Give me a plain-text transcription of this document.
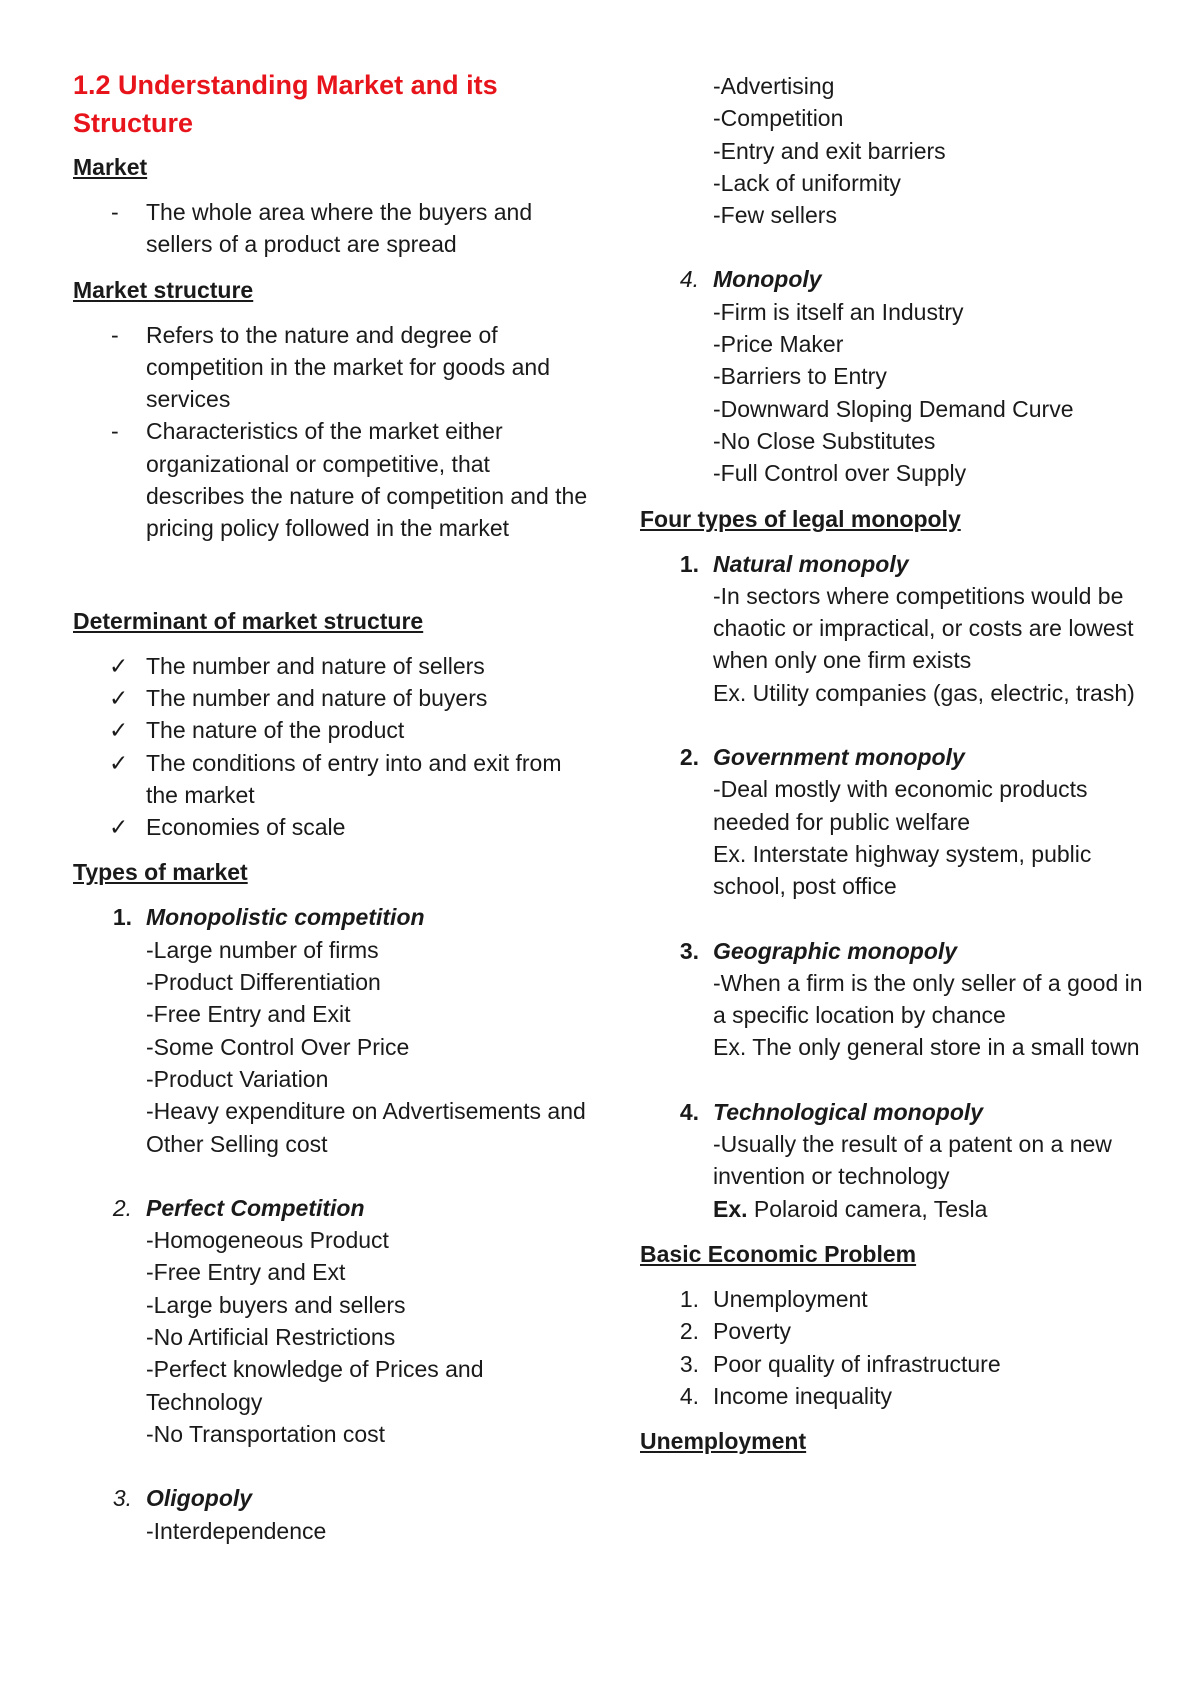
1.2 Understanding Market and its Structure
Market
-	The whole area where the buyers and sellers of a product are spread
Market structure
-	Refers to the nature and degree of competition in the market for goods and services
-	Characteristics of the market either organizational or competitive, that describes the nature of competition and the pricing policy followed in the market
Determinant of market structure
✓ The number and nature of sellers
✓ The number and nature of buyers
✓ The nature of the product
✓ The conditions of entry into and exit from the market
✓ Economies of scale
Types of market
1. Monopolistic competition
-Large number of firms
-Product Differentiation
-Free Entry and Exit
-Some Control Over Price
-Product Variation
-Heavy expenditure on Advertisements and Other Selling cost
2. Perfect Competition
-Homogeneous Product
-Free Entry and Ext
-Large buyers and sellers
-No Artificial Restrictions
-Perfect knowledge of Prices and Technology
-No Transportation cost
3. Oligopoly
-Interdependence
-Advertising
-Competition
-Entry and exit barriers
-Lack of uniformity
-Few sellers
4. Monopoly
-Firm is itself an Industry
-Price Maker
-Barriers to Entry
-Downward Sloping Demand Curve
-No Close Substitutes
-Full Control over Supply
Four types of legal monopoly
1. Natural monopoly
-In sectors where competitions would be chaotic or impractical, or costs are lowest when only one firm exists
Ex. Utility companies (gas, electric, trash)
2. Government monopoly
-Deal mostly with economic products needed for public welfare
Ex. Interstate highway system, public school, post office
3. Geographic monopoly
-When a firm is the only seller of a good in a specific location by chance
Ex. The only general store in a small town
4. Technological monopoly
-Usually the result of a patent on a new invention or technology
Ex. Polaroid camera, Tesla
Basic Economic Problem
1. Unemployment
2. Poverty
3. Poor quality of infrastructure
4. Income inequality
Unemployment
